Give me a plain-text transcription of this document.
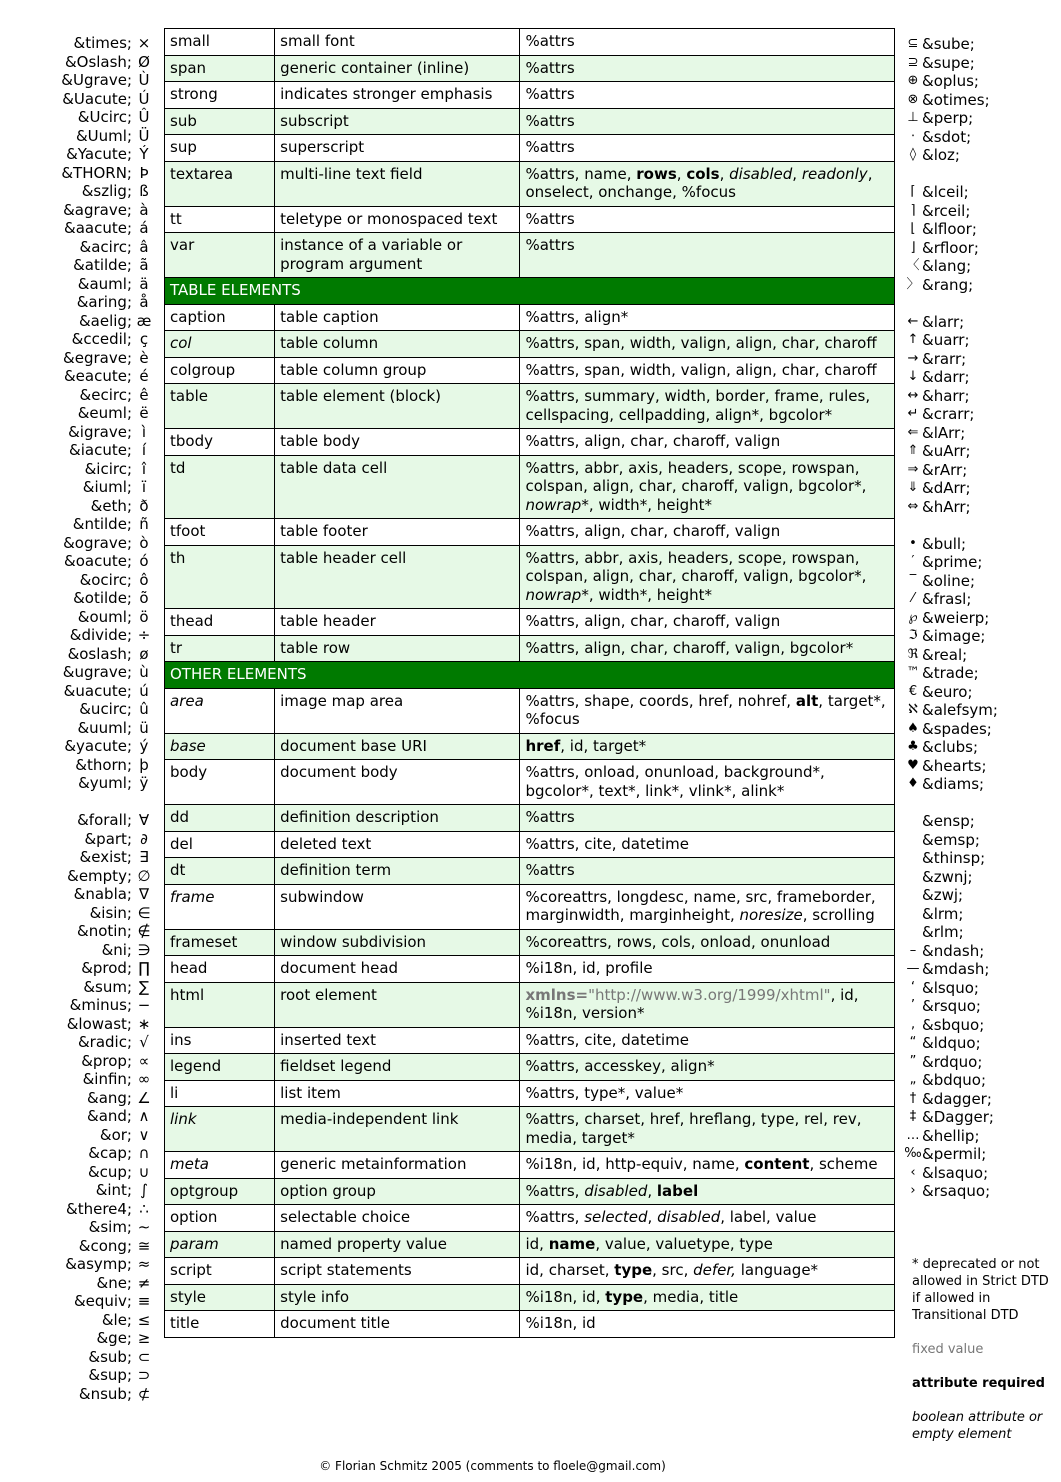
&times; ×
&Oslash; Ø
&Ugrave; Ù
&Uacute; Ú
&Ucirc; Û
&Uuml; Ü
&Yacute; Ý
&THORN; Þ
&szlig; ß
&agrave; à
&aacute; á
&acirc; â
&atilde; ã
&auml; ä
&aring; å
&aelig; æ
&ccedil; ç
&egrave; è
&eacute; é
&ecirc; ê
&euml; ë
&igrave; ì
&iacute; í
&icirc; î
&iuml; ï
&eth; ð
&ntilde; ñ
&ograve; ò
&oacute; ó
&ocirc; ô
&otilde; õ
&ouml; ö
&divide; ÷
&oslash; ø
&ugrave; ù
&uacute; ú
&ucirc; û
&uuml; ü
&yacute; ý
&thorn; þ
&yuml; ÿ
&forall; ∀
&part; ∂
&exist; ∃
&empty; ∅
&nabla; ∇
&isin; ∈
&notin; ∉
&ni; ∋
&prod; ∏
&sum; ∑
&minus; −
&lowast; ∗
&radic; √
&prop; ∝
&infin; ∞
&ang; ∠
&and; ∧
&or; ∨
&cap; ∩
&cup; ∪
&int; ∫
&there4; ∴
&sim; ∼
&cong; ≅
&asymp; ≈
&ne; ≠
&equiv; ≡
&le; ≤
&ge; ≥
&sub; ⊂
&sup; ⊃
&nsub; ⊄
small	small font	%attrs
span	generic container (inline)	%attrs
strong	indicates stronger emphasis	%attrs
sub	subscript	%attrs
sup	superscript	%attrs
textarea	multi-line text field	%attrs, name, rows, cols, disabled, readonly, onselect, onchange, %focus
tt	teletype or monospaced text	%attrs
var	instance of a variable or program argument	%attrs
TABLE ELEMENTS		
caption	table caption	%attrs, align*
col	table column	%attrs, span, width, valign, align, char, charoff
colgroup	table column group	%attrs, span, width, valign, align, char, charoff
table	table element (block)	%attrs, summary, width, border, frame, rules, cellspacing, cellpadding, align*, bgcolor*
tbody	table body	%attrs, align, char, charoff, valign
td	table data cell	%attrs, abbr, axis, headers, scope, rowspan, colspan, align, char, charoff, valign, bgcolor*, nowrap*, width*, height*
tfoot	table footer	%attrs, align, char, charoff, valign
th	table header cell	%attrs, abbr, axis, headers, scope, rowspan, colspan, align, char, charoff, valign, bgcolor*, nowrap*, width*, height*
thead	table header	%attrs, align, char, charoff, valign
tr	table row	%attrs, align, char, charoff, valign, bgcolor*
OTHER ELEMENTS		
area	image map area	%attrs, shape, coords, href, nohref, alt, target*, %focus
base	document base URI	href, id, target*
body	document body	%attrs, onload, onunload, background*, bgcolor*, text*, link*, vlink*, alink*
dd	definition description	%attrs
del	deleted text	%attrs, cite, datetime
dt	definition term	%attrs
frame	subwindow	%coreattrs, longdesc, name, src, frameborder, marginwidth, marginheight, noresize, scrolling
frameset	window subdivision	%coreattrs, rows, cols, onload, onunload
head	document head	%i18n, id, profile
html	root element	xmlns="http://www.w3.org/1999/xhtml", id, %i18n, version*
ins	inserted text	%attrs, cite, datetime
legend	fieldset legend	%attrs, accesskey, align*
li	list item	%attrs, type*, value*
link	media-independent link	%attrs, charset, href, hreflang, type, rel, rev, media, target*
meta	generic metainformation	%i18n, id, http-equiv, name, content, scheme
optgroup	option group	%attrs, disabled, label
option	selectable choice	%attrs, selected, disabled, label, value
param	named property value	id, name, value, valuetype, type
script	script statements	id, charset, type, src, defer, language*
style	style info	%i18n, id, type, media, title
title	document title	%i18n, id
⊆ &sube;
⊇ &supe;
⊕ &oplus;
⊗ &otimes;
⊥ &perp;
⋅ &sdot;
◊ &loz;
⌈ &lceil;
⌉ &rceil;
⌊ &lfloor;
⌋ &rfloor;
〈 &lang;
〉 &rang;
← &larr;
↑ &uarr;
→ &rarr;
↓ &darr;
↔ &harr;
↵ &crarr;
⇐ &lArr;
⇑ &uArr;
⇒ &rArr;
⇓ &dArr;
⇔ &hArr;
• &bull;
′ &prime;
‾ &oline;
⁄ &frasl;
℘ &weierp;
ℑ &image;
ℜ &real;
™ &trade;
€ &euro;
ℵ &alefsym;
♠ &spades;
♣ &clubs;
♥ &hearts;
♦ &diams;
&ensp;
&emsp;
&thinsp;
&zwnj;
&zwj;
&lrm;
&rlm;
– &ndash;
— &mdash;
‘ &lsquo;
’ &rsquo;
‚ &sbquo;
“ &ldquo;
” &rdquo;
„ &bdquo;
† &dagger;
‡ &Dagger;
… &hellip;
‰ &permil;
‹ &lsaquo;
› &rsaquo;

* deprecated or not allowed in Strict DTD if allowed in Transitional DTD

fixed value

attribute required

boolean attribute or empty element

© Florian Schmitz 2005 (comments to floele@gmail.com)
